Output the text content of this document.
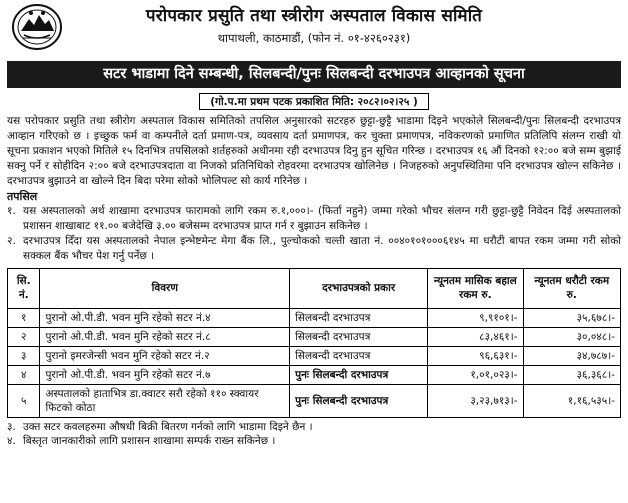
परोपकार प्रसुति तथा स्त्रीरोग अस्पताल विकास समिति
थापाथली, काठमाडौं, (फोन नं. ०१-४२६०२३१)
सटर भाडामा दिने सम्बन्धी, सिलबन्दी/पुनः सिलबन्दी दरभाउपत्र आव्हानको सूचना
(गो.प.मा प्रथम पटक प्रकाशित मिति: २०८२।०२।२५ )

यस परोपकार प्रसुति तथा स्त्रीरोग अस्पताल विकास समितिको तपसिल अनुसारको सटरहरु छुट्टा-छुट्टै भाडामा दिइने भएकोले सिलबन्दी/पुनः सिलबन्दी दरभाउपत्र आव्हान गरिएको छ । इच्छुक फर्म वा कम्पनीले दर्ता प्रमाण-पत्र, व्यवसाय दर्ता प्रमाणपत्र, कर चुक्ता प्रमाणपत्र, नविकरणको प्रमाणित प्रतिलिपि संलग्न राखी यो सूचना प्रकाशन भएको मितिले १५ दिनभित्र तपसिलको शर्तहरुको अधीनमा रही दरभाउपत्र दिनु हुन सूचित गरिन्छ । दरभाउपत्र १६ औं दिनको १२:०० बजे सम्म बुझाई सक्नु पर्ने र सोहीदिन २:०० बजे दरभाउपत्रदाता वा निजको प्रतिनिधिको रोहवरमा दरभाउपत्र खोलिनेछ । निजहरुको अनुपस्थितिमा पनि दरभाउपत्र खोल्न सकिनेछ । दरभाउपत्र बुझाउने वा खोल्ने दिन बिदा परेमा सोको भोलिपल्ट सो कार्य गरिनेछ ।

तपसिल
१. यस अस्पतालको अर्थ शाखामा दरभाउपत्र फारामको लागि रकम रु.१,०००।- (फिर्ता नहुने) जम्मा गरेको भौचर संलग्न गरी छुट्टा-छुट्टै निवेदन दिई अस्पतालको प्रशासन शाखाबाट ११.०० बजेदेखि ३.०० बजेसम्म दरभाउपत्र प्राप्त गर्न र बुझाउन सकिनेछ ।
२. दरभाउपत्र दिँदा यस अस्पतालको नेपाल इन्भेष्टमेन्ट मेगा बैंक लि., पुल्चोकको चल्ती खाता नं. ००४०१०१०००६१४५ मा धरौटी बापत रकम जम्मा गरी सोको सक्कल बैंक भौचर पेश गर्नु पर्नेछ ।
सि. नं.	विवरण	दरभाउपत्रको प्रकार	न्यूनतम मासिक बहाल रकम रु.	न्यूनतम धरौटी रकम रु.
१	पुरानो ओ.पी.डी. भवन मुनि रहेको सटर नं.४	सिलबन्दी दरभाउपत्र	९,९१०१।-	३५,६७८।-
२	पुरानो ओ.पी.डी. भवन मुनि रहेको सटर नं.८	सिलबन्दी दरभाउपत्र	८३,४६१।-	३०,०४८।-
३	पुरानो इमरजेन्सी भवन मुनि रहेको सटर नं.२	सिलबन्दी दरभाउपत्र	९६,६३१।-	३४,७८७।-
४	पुरानो ओ.पी.डी. भवन मुनि रहेको सटर नं.७	पुनः सिलबन्दी दरभाउपत्र	१,०१,०२३।-	३६,३६८।-
५	अस्पतालको हाताभित्र डा.क्वाटर सरौ रहेको ११० स्क्वायर फिटको कोठा	पुनः सिलबन्दी दरभाउपत्र	३,२३,७१३।-	१,१६,५३५।-
३. उक्त सटर कवलहरुमा औषधी बिक्री बितरण गर्नको लागि भाडामा दिइने छैन ।
४. बिस्तृत जानकारीको लागि प्रशासन शाखामा सम्पर्क राख्न सकिनेछ ।
